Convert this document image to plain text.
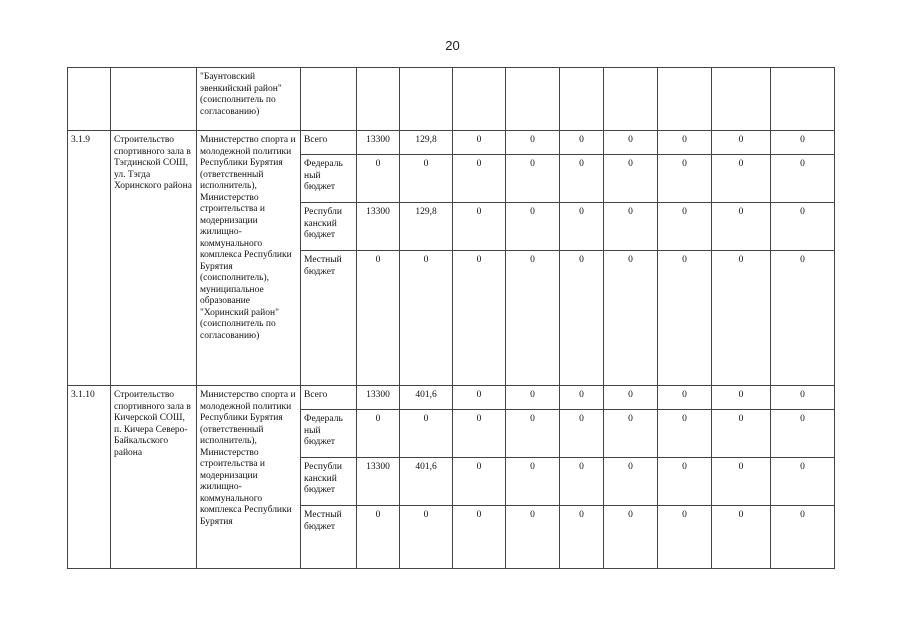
20
		"Баунтовский эвенкийский район" (соисполнитель по согласованию)										
3.1.9	Строительство спортивного зала в Тэгдинской СОШ, ул. Тэгда Хоринского района	Министерство спорта и молодежной политики Республики Бурятия (ответственный исполнитель), Министерство строительства и модернизации жилищно-коммунального комплекса Республики Бурятия (соисполнитель), муниципальное образование "Хоринский район" (соисполнитель по согласованию)	Всего	13300	129,8	0	0	0	0	0	0	0
			Федераль ный бюджет	0	0	0	0	0	0	0	0	0
			Республи канский бюджет	13300	129,8	0	0	0	0	0	0	0
			Местный бюджет	0	0	0	0	0	0	0	0	0
3.1.10	Строительство спортивного зала в Кичерской СОШ, п. Кичера Северо-Байкальского района	Министерство спорта и молодежной политики Республики Бурятия (ответственный исполнитель), Министерство строительства и модернизации жилищно-коммунального комплекса Республики Бурятия	Всего	13300	401,6	0	0	0	0	0	0	0
			Федераль ный бюджет	0	0	0	0	0	0	0	0	0
			Республи канский бюджет	13300	401,6	0	0	0	0	0	0	0
			Местный бюджет	0	0	0	0	0	0	0	0	0
